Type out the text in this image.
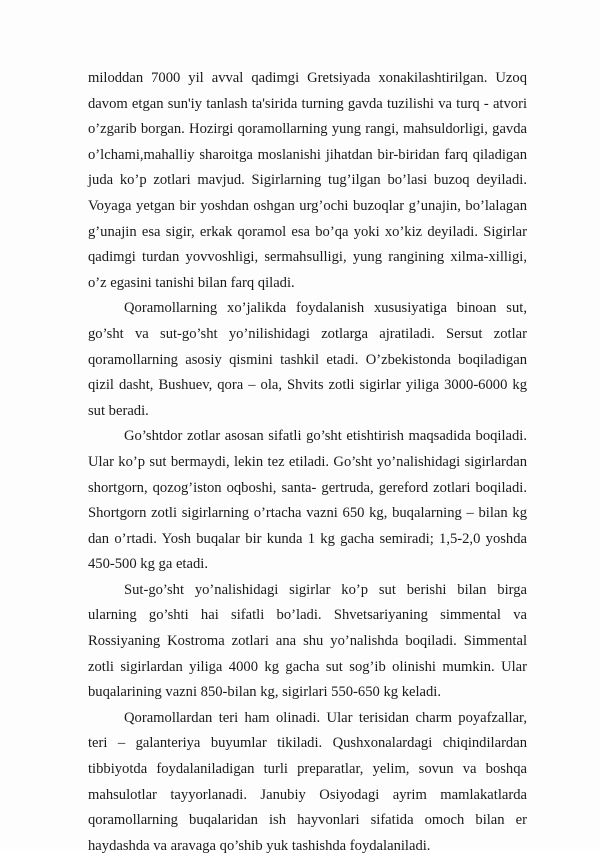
miloddan 7000 yil avval qadimgi Gretsiyada xonakilashtirilgan. Uzoq davom etgan sun'iy tanlash ta'sirida turning gavda tuzilishi va turq - atvori o’zgarib borgan. Hozirgi qoramollarning yung rangi, mahsuldorligi, gavda o’lchami,mahalliy sharoitga moslanishi jihatdan bir-biridan farq qiladigan juda ko’p zotlari mavjud. Sigirlarning tug’ilgan bo’lasi buzoq deyiladi. Voyaga yetgan bir yoshdan oshgan urg’ochi buzoqlar g’unajin, bo’lalagan g’unajin esa sigir, erkak qoramol esa bo’qa yoki xo’kiz deyiladi. Sigirlar qadimgi turdan yovvoshligi, sermahsulligi, yung rangining xilma-xilligi, o’z egasini tanishi bilan farq qiladi.

Qoramollarning xo’jalikda foydalanish xususiyatiga binoan sut, go’sht va sut-go’sht yo’nilishidagi zotlarga ajratiladi. Sersut zotlar qoramollarning asosiy qismini tashkil etadi. O’zbekistonda boqiladigan qizil dasht, Bushuev, qora – ola, Shvits zotli sigirlar yiliga 3000-6000 kg sut beradi.

Go’shtdor zotlar asosan sifatli go’sht etishtirish maqsadida boqiladi. Ular ko’p sut bermaydi, lekin tez etiladi. Go’sht yo’nalishidagi sigirlardan shortgorn, qozog’iston oqboshi, santa- gertruda, gereford zotlari boqiladi. Shortgorn zotli sigirlarning o’rtacha vazni 650 kg, buqalarning – bilan kg dan o’rtadi. Yosh buqalar bir kunda 1 kg gacha semiradi; 1,5-2,0 yoshda 450-500 kg ga etadi.

Sut-go’sht yo’nalishidagi sigirlar ko’p sut berishi bilan birga ularning go’shti hai sifatli bo’ladi. Shvetsariyaning simmental va Rossiyaning Kostroma zotlari ana shu yo’nalishda boqiladi. Simmental zotli sigirlardan yiliga 4000 kg gacha sut sog’ib olinishi mumkin. Ular buqalarining vazni 850-bilan kg, sigirlari 550-650 kg keladi.

Qoramollardan teri ham olinadi. Ular terisidan charm poyafzallar, teri – galanteriya buyumlar tikiladi. Qushxonalardagi chiqindilardan tibbiyotda foydalaniladigan turli preparatlar, yelim, sovun va boshqa mahsulotlar tayyorlanadi. Janubiy Osiyodagi ayrim mamlakatlarda qoramollarning buqalaridan ish hayvonlari sifatida omoch bilan er haydashda va aravaga qo’shib yuk tashishda foydalaniladi.
